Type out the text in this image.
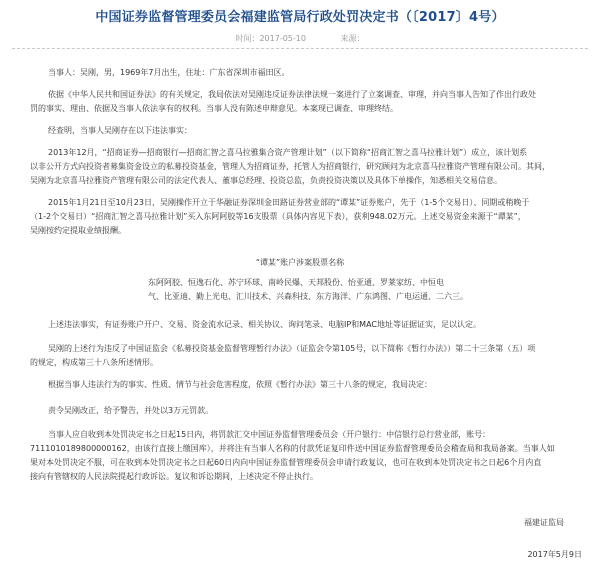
中国证券监督管理委员会福建监管局行政处罚决定书（〔2017〕4号）
时间：2017-05-10	来源：

当事人：吴刚，男，1969年7月出生，住址：广东省深圳市福田区。

依据《中华人民共和国证券法》的有关规定，我局依法对吴刚违反证券法律法规一案进行了立案调查、审理，并向当事人告知了作出行政处

罚的事实、理由、依据及当事人依法享有的权利。当事人没有陈述申辩意见。本案现已调查、审理终结。

经查明，当事人吴刚存在以下违法事实：

2013年12月，“招商证券—招商银行—招商汇智之喜马拉雅集合资产管理计划”（以下简称“招商汇智之喜马拉雅计划”）成立，该计划系

以非公开方式向投资者募集资金设立的私募投资基金，管理人为招商证券，托管人为招商银行，研究顾问为北京喜马拉雅资产管理有限公司。其间，

吴刚为北京喜马拉雅资产管理有限公司的法定代表人、董事总经理、投资总监，负责投资决策以及具体下单操作，知悉相关交易信息。

2015年1月21日至10月23日，吴刚操作开立于华融证券深圳金田路证券营业部的“谭某”证券账户，先于（1-5个交易日）、同期或稍晚于

（1-2个交易日）“招商汇智之喜马拉雅计划”买入东阿阿胶等16支股票（具体内容见下表），获利948.02万元。上述交易资金来源于“谭某”，

吴刚按约定提取业绩报酬。

“谭某”账户涉案股票名称

东阿阿胶、恒逸石化、苏宁环球、南岭民爆、天邦股份、怡亚通、罗莱家纺、中恒电

气、比亚迪、勤上光电、汇川技术、兴森科技、东方海洋、广东鸿图、广电运通、二六三。

上述违法事实，有证券账户开户、交易、资金流水记录、相关协议、询问笔录、电脑IP和MAC地址等证据证实，足以认定。

吴刚的上述行为违反了中国证监会《私募投资基金监督管理暂行办法》（证监会令第105号，以下简称《暂行办法》）第二十三条第（五）项

的规定，构成第三十八条所述情形。

根据当事人违法行为的事实、性质、情节与社会危害程度，依照《暂行办法》第三十八条的规定，我局决定：

责令吴刚改正，给予警告，并处以3万元罚款。

当事人应自收到本处罚决定书之日起15日内，将罚款汇交中国证券监督管理委员会（开户银行：中信银行总行营业部，账号：

7111010189800000162，由该行直接上缴国库），并将注有当事人名称的付款凭证复印件送中国证券监督管理委员会稽查局和我局备案。当事人如

果对本处罚决定不服，可在收到本处罚决定书之日起60日内向中国证券监督管理委员会申请行政复议，也可在收到本处罚决定书之日起6个月内直

接向有管辖权的人民法院提起行政诉讼。复议和诉讼期间，上述决定不停止执行。

福建证监局

2017年5月9日
